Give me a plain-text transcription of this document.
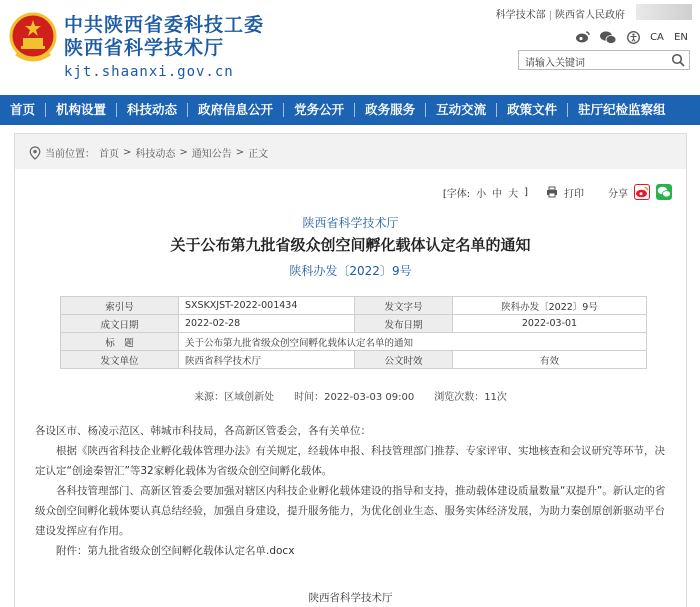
中共陕西省委科技工委
陕西省科学技术厅
kjt.shaanxi.gov.cn
科学技术部 | 陕西省人民政府
CA EN
请输入关键词
首页	机构设置	科技动态	政府信息公开	党务公开	政务服务	互动交流	政策文件	驻厅纪检监察组
当前位置： 首页 > 科技动态 > 通知公告 > 正文
[字体: 小 中 大 ]	打印 分享
陕西省科学技术厅
关于公布第九批省级众创空间孵化载体认定名单的通知
陕科办发〔2022〕9号
索引号	SXSKXJST-2022-001434	发文字号	陕科办发〔2022〕9号
成文日期	2022-02-28	发布日期	2022-03-01
标　题	关于公布第九批省级众创空间孵化载体认定名单的通知		
发文单位	陕西省科学技术厅	公文时效	有效
来源：区域创新处　　时间：2022-03-03 09:00　　浏览次数：11次

各设区市、杨凌示范区、韩城市科技局，各高新区管委会，各有关单位：

根据《陕西省科技企业孵化载体管理办法》有关规定，经载体申报、科技管理部门推荐、专家评审、实地核查和会议研究等环节，决定认定“创途秦智汇”等32家孵化载体为省级众创空间孵化载体。

各科技管理部门、高新区管委会要加强对辖区内科技企业孵化载体建设的指导和支持，推动载体建设质量数量“双提升”。新认定的省级众创空间孵化载体要认真总结经验，加强自身建设，提升服务能力，为优化创业生态、服务实体经济发展，为助力秦创原创新驱动平台建设发挥应有作用。

附件：第九批省级众创空间孵化载体认定名单.docx

陕西省科学技术厅
